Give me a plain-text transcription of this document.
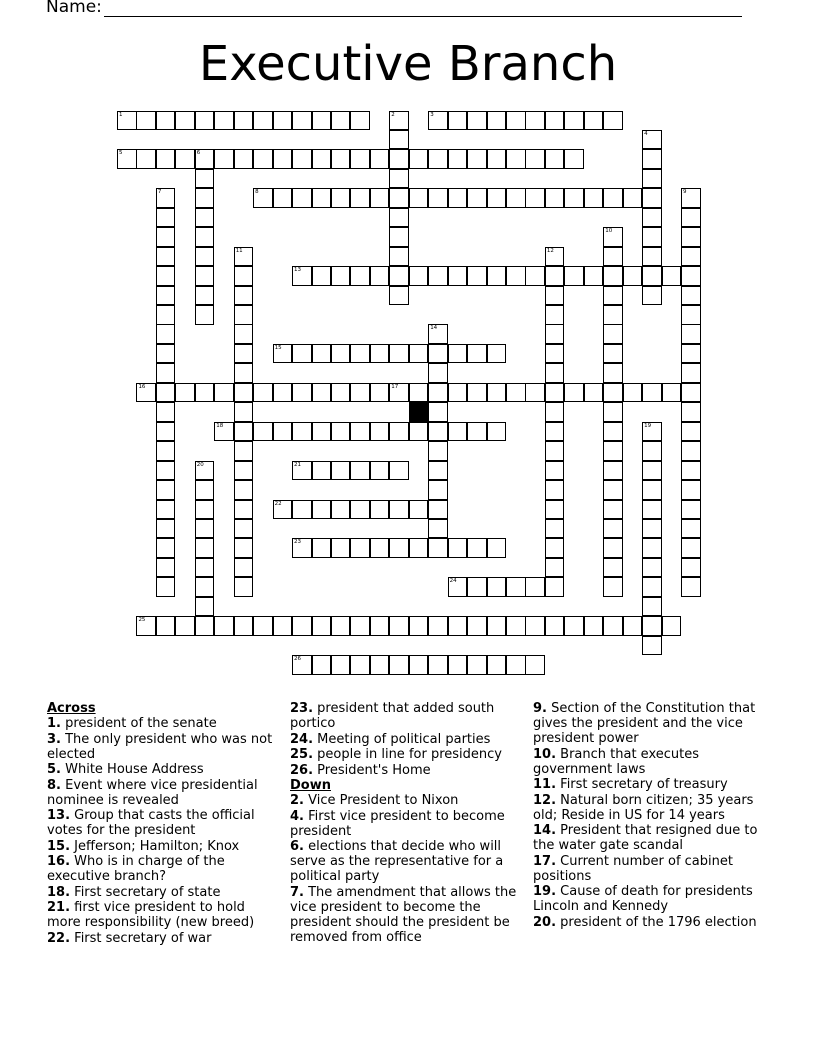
Name:
Executive Branch
1	2	3
4
5	6
7	8	9
10
11	12
13
14
15
16	17
18	19
20	21
22
23
24
25
26
Across
1. president of the senate
3. The only president who was not elected
5. White House Address
8. Event where vice presidential nominee is revealed
13. Group that casts the official votes for the president
15. Jefferson; Hamilton; Knox
16. Who is in charge of the executive branch?
18. First secretary of state
21. first vice president to hold more responsibility (new breed)
22. First secretary of war
23. president that added south portico
24. Meeting of political parties
25. people in line for presidency
26. President's Home
Down
2. Vice President to Nixon
4. First vice president to become president
6. elections that decide who will serve as the representative for a political party
7. The amendment that allows the vice president to become the president should the president be removed from office
9. Section of the Constitution that gives the president and the vice president power
10. Branch that executes government laws
11. First secretary of treasury
12. Natural born citizen; 35 years old; Reside in US for 14 years
14. President that resigned due to the water gate scandal
17. Current number of cabinet positions
19. Cause of death for presidents Lincoln and Kennedy
20. president of the 1796 election
